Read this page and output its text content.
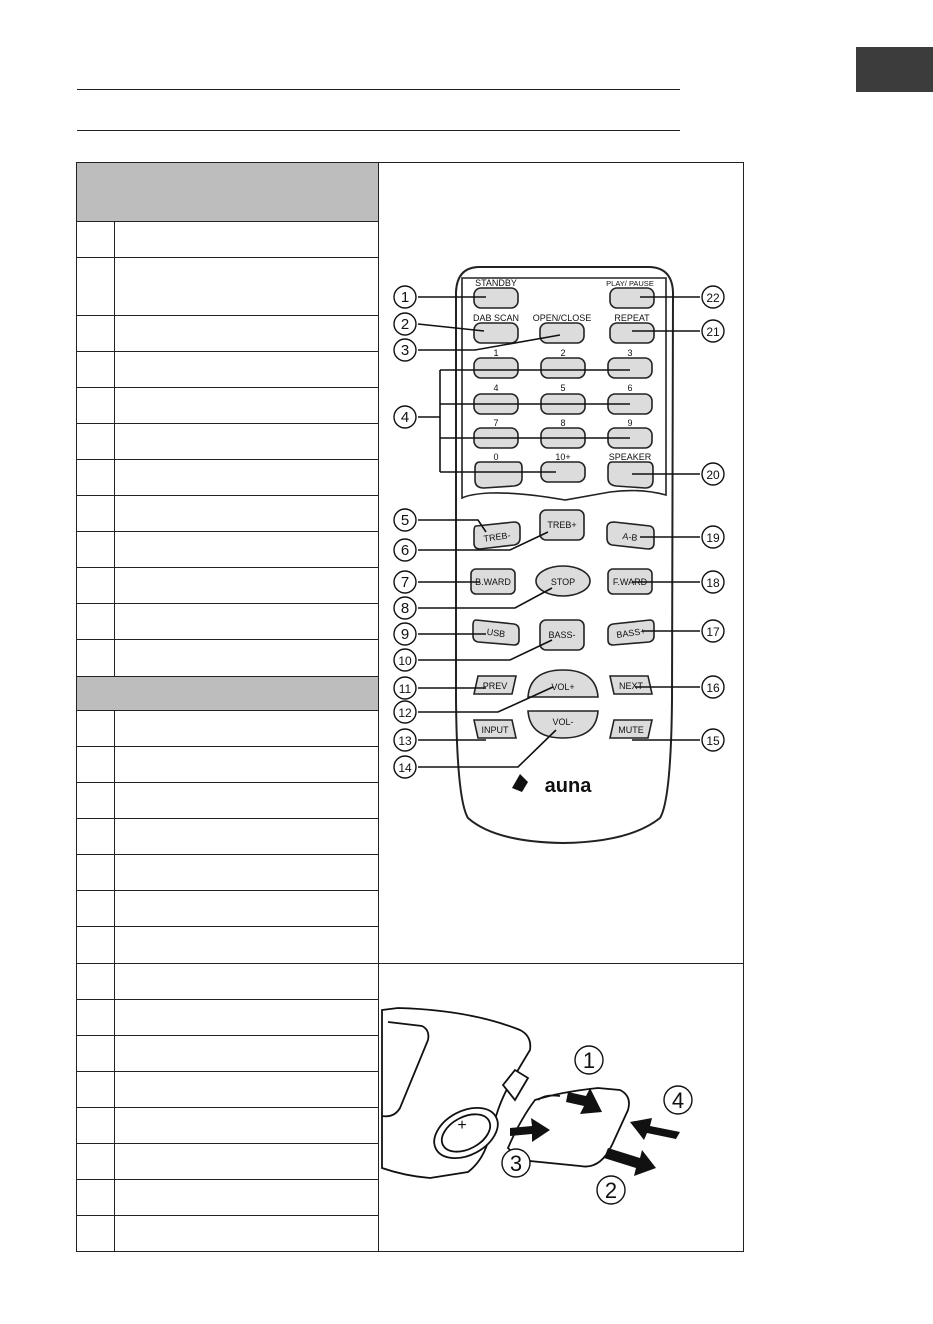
STANDBY
DAB SCAN OPEN/CLOSE
PLAY/ PAUSE
REPEAT
1	2	3
4	5	6
7	8	9
0	10+	SPEAKER
TREB-
TREB+
A-B
B.WARD	STOP	F.WARD
USB	BASS-	BASS+
PREV	VOL+	NEXT
INPUT
VOL-
MUTE
auna
1
2
3
4
5
6
7
8
9
10
11
12
13
14
15
16
17
18
19
20
21
22
+
1
2
3
4
